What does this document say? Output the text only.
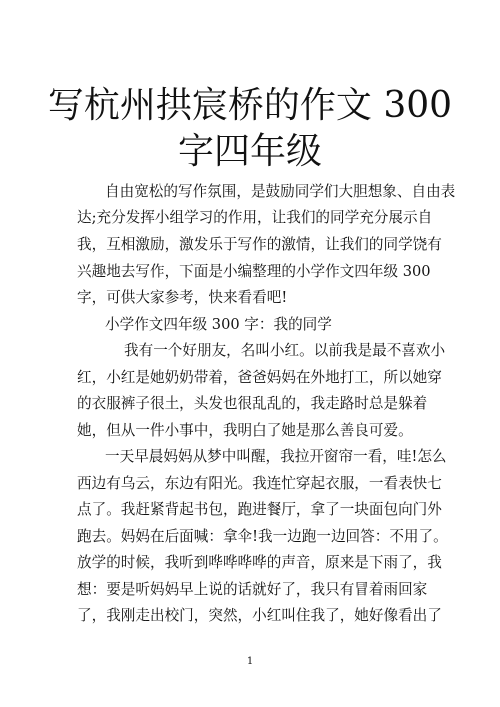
写杭州拱宸桥的作文 300
字四年级

自由宽松的写作氛围，是鼓励同学们大胆想象、自由表

达;充分发挥小组学习的作用，让我们的同学充分展示自

我，互相激励，激发乐于写作的激情，让我们的同学饶有

兴趣地去写作，下面是小编整理的小学作文四年级 300

字，可供大家参考，快来看看吧!

小学作文四年级 300 字：我的同学

我有一个好朋友，名叫小红。以前我是最不喜欢小

红，小红是她奶奶带着，爸爸妈妈在外地打工，所以她穿

的衣服裤子很土，头发也很乱乱的，我走路时总是躲着

她，但从一件小事中，我明白了她是那么善良可爱。

一天早晨妈妈从梦中叫醒，我拉开窗帘一看，哇!怎么

西边有乌云，东边有阳光。我连忙穿起衣服，一看表快七

点了。我赶紧背起书包，跑进餐厅，拿了一块面包向门外

跑去。妈妈在后面喊：拿伞!我一边跑一边回答：不用了。

放学的时候，我听到哗哗哗哗的声音，原来是下雨了，我

想：要是听妈妈早上说的话就好了，我只有冒着雨回家

了，我刚走出校门，突然，小红叫住我了，她好像看出了

1
